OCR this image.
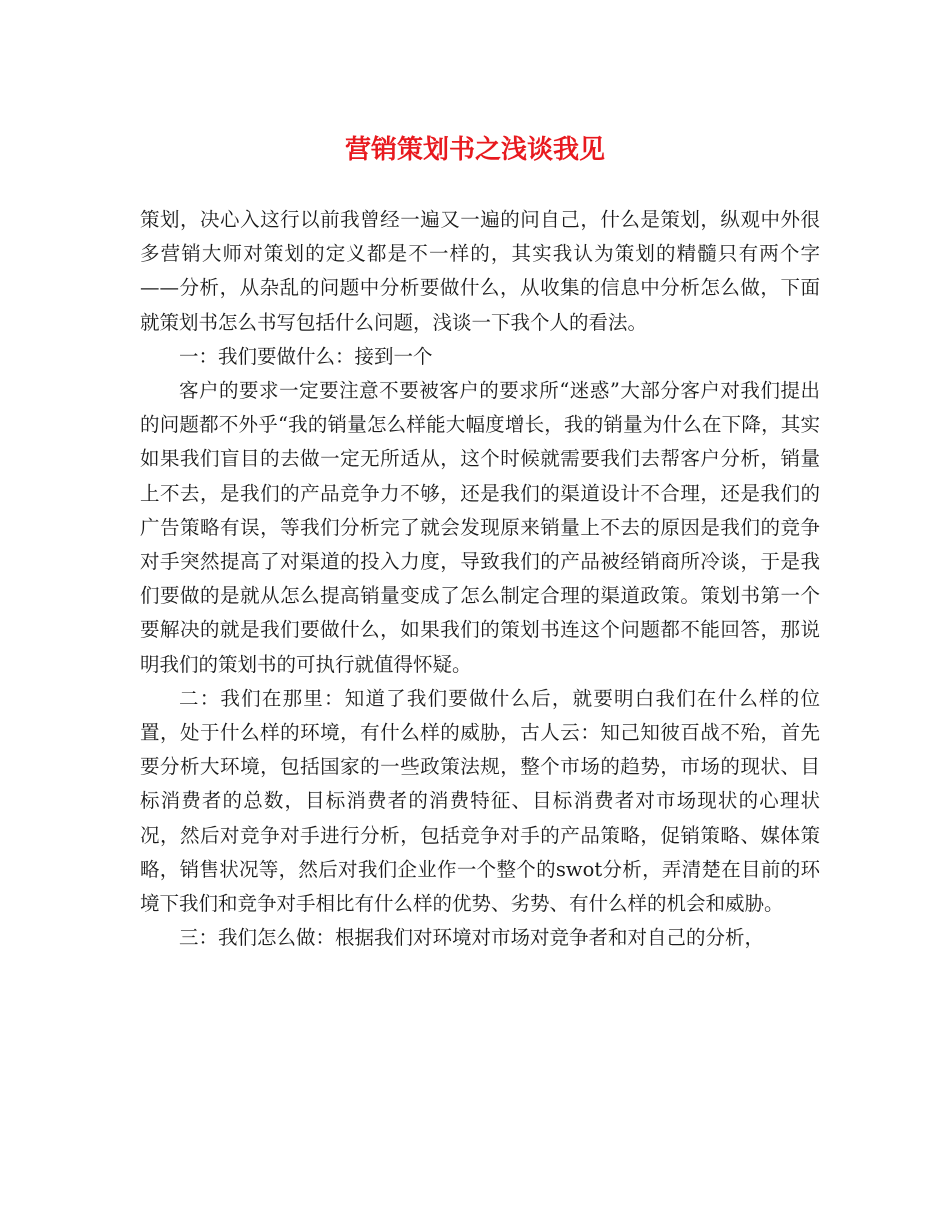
营销策划书之浅谈我见

策划，决心入这行以前我曾经一遍又一遍的问自己，什么是策划，纵观中外很多营销大师对策划的定义都是不一样的，其实我认为策划的精髓只有两个字——分析，从杂乱的问题中分析要做什么，从收集的信息中分析怎么做，下面就策划书怎么书写包括什么问题，浅谈一下我个人的看法。

一：我们要做什么：接到一个

客户的要求一定要注意不要被客户的要求所“迷惑”大部分客户对我们提出的问题都不外乎“我的销量怎么样能大幅度增长，我的销量为什么在下降，其实如果我们盲目的去做一定无所适从，这个时候就需要我们去帮客户分析，销量上不去，是我们的产品竞争力不够，还是我们的渠道设计不合理，还是我们的广告策略有误，等我们分析完了就会发现原来销量上不去的原因是我们的竞争对手突然提高了对渠道的投入力度，导致我们的产品被经销商所冷谈，于是我们要做的是就从怎么提高销量变成了怎么制定合理的渠道政策。策划书第一个要解决的就是我们要做什么，如果我们的策划书连这个问题都不能回答，那说明我们的策划书的可执行就值得怀疑。

二：我们在那里：知道了我们要做什么后，就要明白我们在什么样的位置，处于什么样的环境，有什么样的威胁，古人云：知己知彼百战不殆，首先要分析大环境，包括国家的一些政策法规，整个市场的趋势，市场的现状、目标消费者的总数，目标消费者的消费特征、目标消费者对市场现状的心理状况，然后对竞争对手进行分析，包括竞争对手的产品策略，促销策略、媒体策略，销售状况等，然后对我们企业作一个整个的swot分析，弄清楚在目前的环境下我们和竞争对手相比有什么样的优势、劣势、有什么样的机会和威胁。

三：我们怎么做：根据我们对环境对市场对竞争者和对自己的分析，
